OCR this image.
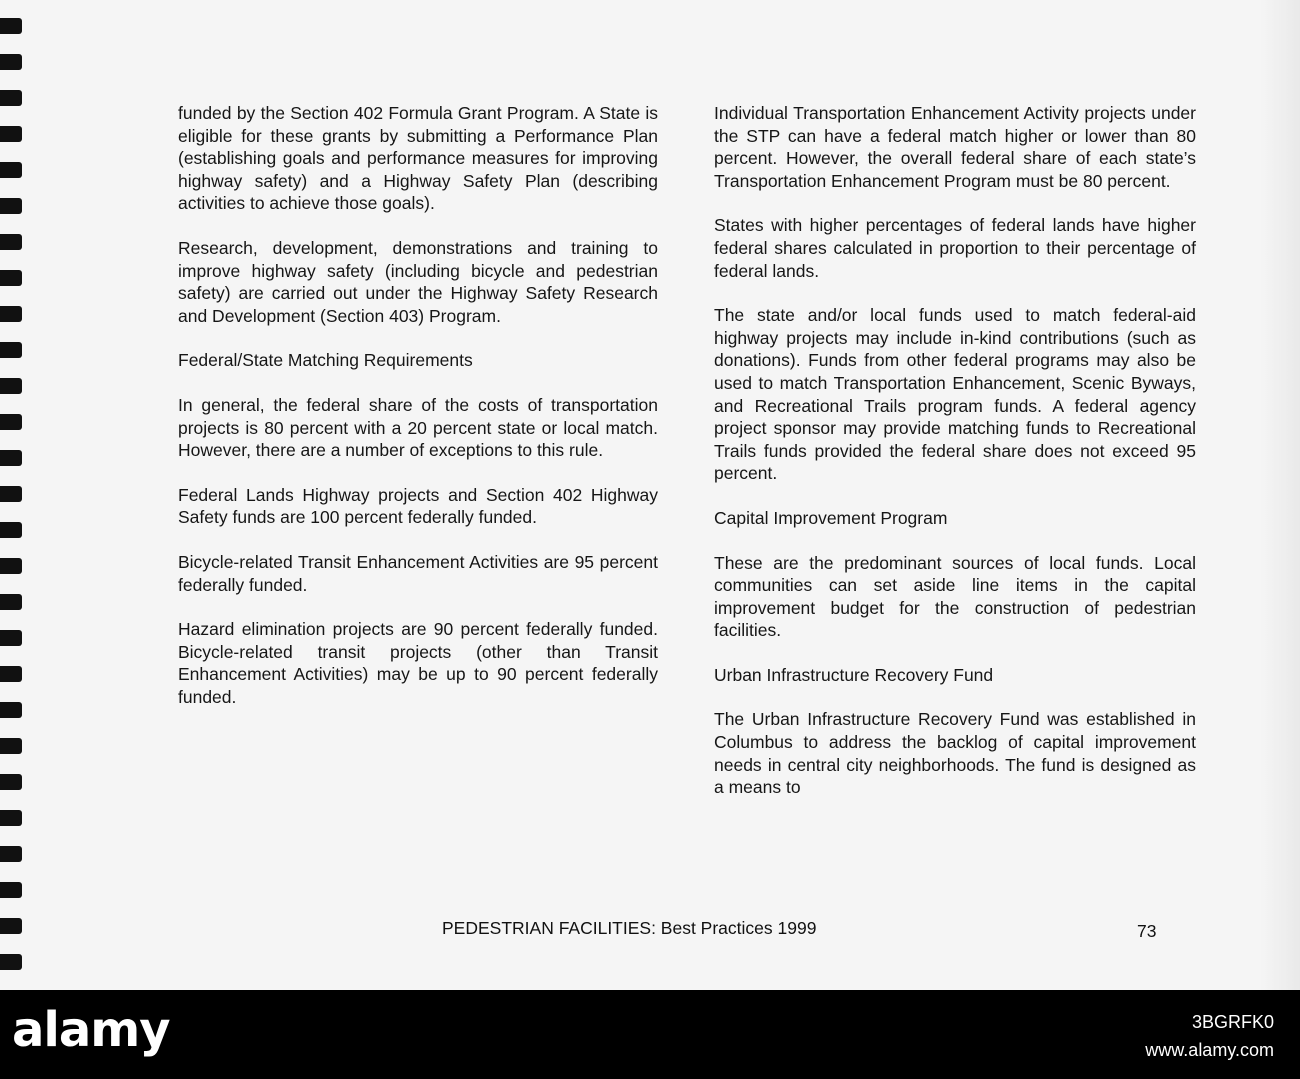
funded by the Section 402 Formula Grant Program. A State is eligible for these grants by submitting a Performance Plan (establishing goals and performance measures for improving highway safety) and a Highway Safety Plan (describing activities to achieve those goals).

Research, development, demonstrations and training to improve highway safety (including bicycle and pedestrian safety) are carried out under the Highway Safety Research and Development (Section 403) Program.

Federal/State Matching Requirements

In general, the federal share of the costs of transportation projects is 80 percent with a 20 percent state or local match. However, there are a number of exceptions to this rule.

Federal Lands Highway projects and Section 402 Highway Safety funds are 100 percent federally funded.

Bicycle-related Transit Enhancement Activities are 95 percent federally funded.

Hazard elimination projects are 90 percent federally funded. Bicycle-related transit projects (other than Transit Enhancement Activities) may be up to 90 percent federally funded.

Individual Transportation Enhancement Activity projects under the STP can have a federal match higher or lower than 80 percent. However, the overall federal share of each state’s Transportation Enhancement Program must be 80 percent.

States with higher percentages of federal lands have higher federal shares calculated in proportion to their percentage of federal lands.

The state and/or local funds used to match federal-aid highway projects may include in-kind contributions (such as donations). Funds from other federal programs may also be used to match Transportation Enhancement, Scenic Byways, and Recreational Trails program funds. A federal agency project sponsor may provide matching funds to Recreational Trails funds provided the federal share does not exceed 95 percent.

Capital Improvement Program

These are the predominant sources of local funds. Local communities can set aside line items in the capital improvement budget for the construction of pedestrian facilities.

Urban Infrastructure Recovery Fund

The Urban Infrastructure Recovery Fund was established in Columbus to address the backlog of capital improvement needs in central city neighborhoods. The fund is designed as a means to

PEDESTRIAN FACILITIES: Best Practices 1999	73
alamy	3BGRFK0
www.alamy.com
